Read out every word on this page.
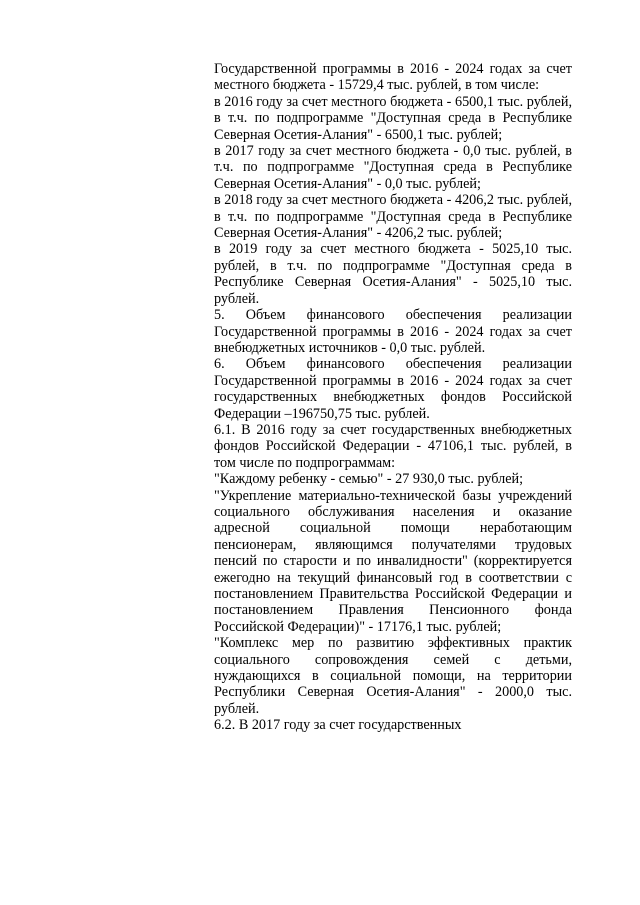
Государственной программы в 2016 - 2024 годах за счет местного бюджета - 15729,4 тыс. рублей, в том числе:

в 2016 году за счет местного бюджета - 6500,1 тыс. рублей, в т.ч. по подпрограмме "Доступная среда в Республике Северная Осетия-Алания" - 6500,1 тыс. рублей;

в 2017 году за счет местного бюджета - 0,0 тыс. рублей, в т.ч. по подпрограмме "Доступная среда в Республике Северная Осетия-Алания" - 0,0 тыс. рублей;

в 2018 году за счет местного бюджета - 4206,2 тыс. рублей, в т.ч. по подпрограмме "Доступная среда в Республике Северная Осетия-Алания" - 4206,2 тыс. рублей;

в 2019 году за счет местного бюджета - 5025,10 тыс. рублей, в т.ч. по подпрограмме "Доступная среда в Республике Северная Осетия-Алания" - 5025,10 тыс. рублей.

5. Объем финансового обеспечения реализации Государственной программы в 2016 - 2024 годах за счет внебюджетных источников - 0,0 тыс. рублей.

6. Объем финансового обеспечения реализации Государственной программы в 2016 - 2024 годах за счет государственных внебюджетных фондов Российской Федерации –196750,75 тыс. рублей.

6.1. В 2016 году за счет государственных внебюджетных фондов Российской Федерации - 47106,1 тыс. рублей, в том числе по подпрограммам:

"Каждому ребенку - семью" - 27 930,0 тыс. рублей;

"Укрепление материально-технической базы учреждений социального обслуживания населения и оказание адресной социальной помощи неработающим пенсионерам, являющимся получателями трудовых пенсий по старости и по инвалидности" (корректируется ежегодно на текущий финансовый год в соответствии с постановлением Правительства Российской Федерации и постановлением Правления Пенсионного фонда Российской Федерации)" - 17176,1 тыс. рублей;

"Комплекс мер по развитию эффективных практик социального сопровождения семей с детьми, нуждающихся в социальной помощи, на территории Республики Северная Осетия-Алания" - 2000,0 тыс. рублей.

6.2. В 2017 году за счет государственных
